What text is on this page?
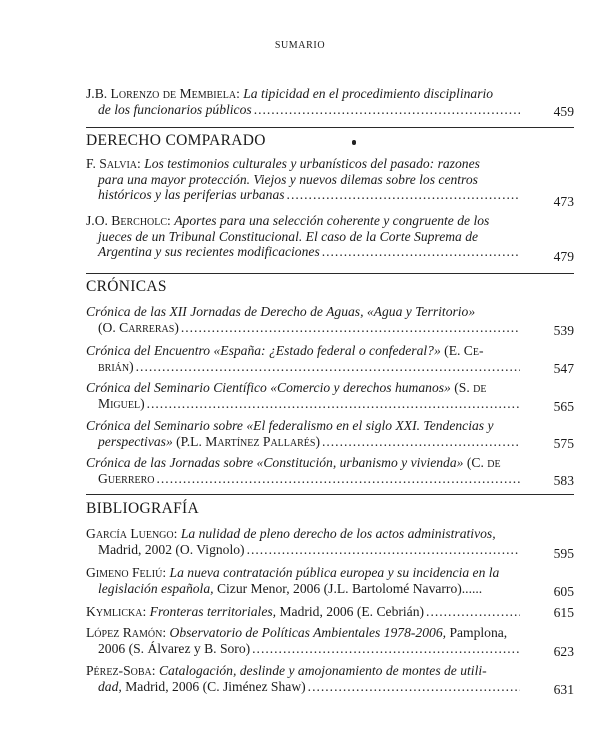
SUMARIO
J.B. Lorenzo de Membiela: La tipicidad en el procedimiento disciplinario
de los funcionarios públicos .....	459
DERECHO COMPARADO
F. Salvia: Los testimonios culturales y urbanísticos del pasado: razones
para una mayor protección. Viejos y nuevos dilemas sobre los centros
históricos y las periferias urbanas .....	473
J.O. Bercholc: Aportes para una selección coherente y congruente de los
jueces de un Tribunal Constitucional. El caso de la Corte Suprema de
Argentina y sus recientes modificaciones .....	479
CRÓNICAS
Crónica de las XII Jornadas de Derecho de Aguas, «Agua y Territorio»
(O. Carreras) .....	539
Crónica del Encuentro «España: ¿Estado federal o confederal?» (E. Ce-
brián) .....	547
Crónica del Seminario Científico «Comercio y derechos humanos» (S. de
Miguel) .....	565
Crónica del Seminario sobre «El federalismo en el siglo XXI. Tendencias y
perspectivas» (P.L. Martínez Pallarés) .....	575
Crónica de las Jornadas sobre «Constitución, urbanismo y vivienda» (C. de
Guerrero .....	583
BIBLIOGRAFÍA
García Luengo: La nulidad de pleno derecho de los actos administrativos,
Madrid, 2002 (O. Vignolo) .....	595
Gimeno Feliú: La nueva contratación pública europea y su incidencia en la
legislación española, Cizur Menor, 2006 (J.L. Bartolomé Navarro)......	605
Kymlicka: Fronteras territoriales, Madrid, 2006 (E. Cebrián) .....	615
López Ramón: Observatorio de Políticas Ambientales 1978-2006, Pamplona,
2006 (S. Álvarez y B. Soro) .....	623
Pérez-Soba: Catalogación, deslinde y amojonamiento de montes de utili-
dad, Madrid, 2006 (C. Jiménez Shaw) .....	631
